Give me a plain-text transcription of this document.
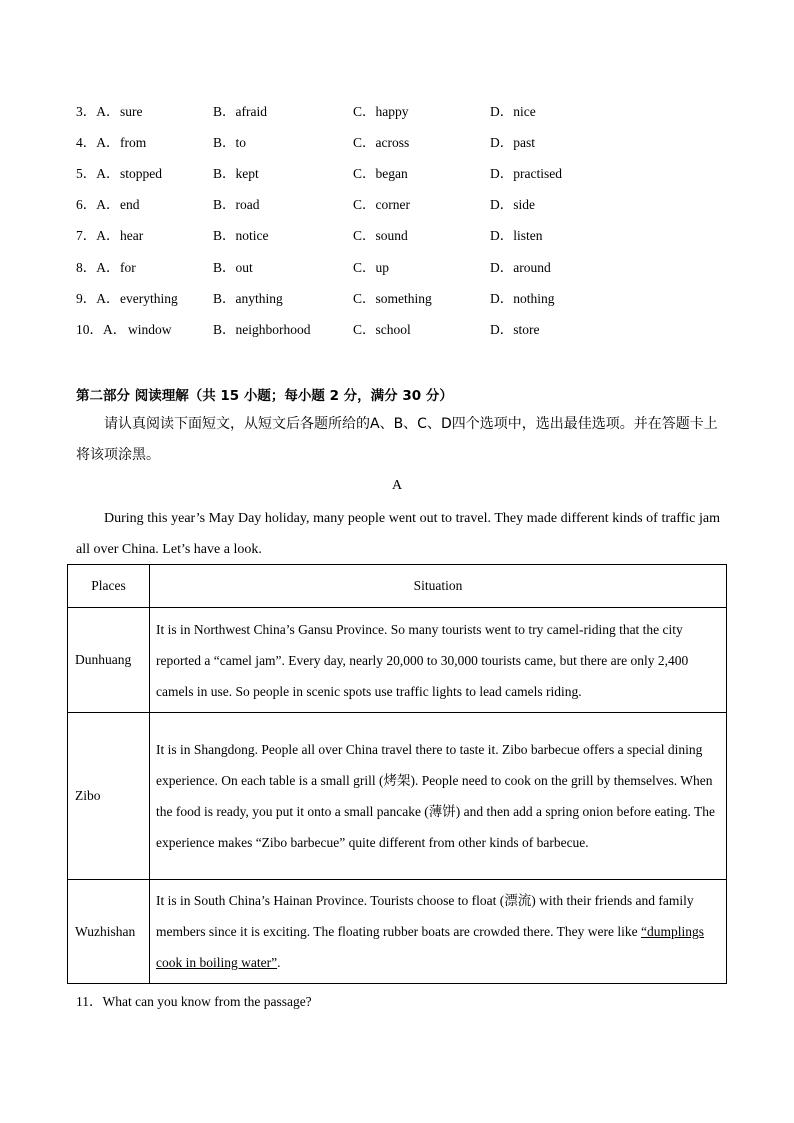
3．A． sure	B．afraid	C．happy	D．nice
4．A． from	B．to	C．across	D．past
5．A． stopped	B．kept	C．began	D．practised
6．A． end	B．road	C．corner	D．side
7．A． hear	B．notice	C．sound	D．listen
8．A． for	B．out	C．up	D．around
9．A． everything	B．anything	C．something	D．nothing
10．A． window	B．neighborhood	C．school	D．store
第二部分 阅读理解（共 15 小题；每小题 2 分，满分 30 分）
请认真阅读下面短文，从短文后各题所给的A、B、C、D四个选项中，选出最佳选项。并在答题卡上将该项涂黑。
A
During this year’s May Day holiday, many people went out to travel. They made different kinds of traffic jam all over China. Let’s have a look.
Places	Situation
Dunhuang	It is in Northwest China’s Gansu Province. So many tourists went to try camel-riding that the city reported a “camel jam”. Every day, nearly 20,000 to 30,000 tourists came, but there are only 2,400 camels in use. So people in scenic spots use traffic lights to lead camels riding.
Zibo	It is in Shangdong. People all over China travel there to taste it. Zibo barbecue offers a special dining experience. On each table is a small grill (烤架). People need to cook on the grill by themselves. When the food is ready, you put it onto a small pancake (薄饼) and then add a spring onion before eating. The experience makes “Zibo barbecue” quite different from other kinds of barbecue.
Wuzhishan	It is in South China’s Hainan Province. Tourists choose to float (漂流) with their friends and family members since it is exciting. The floating rubber boats are crowded there. They were like “dumplings cook in boiling water”.
11．What can you know from the passage?
